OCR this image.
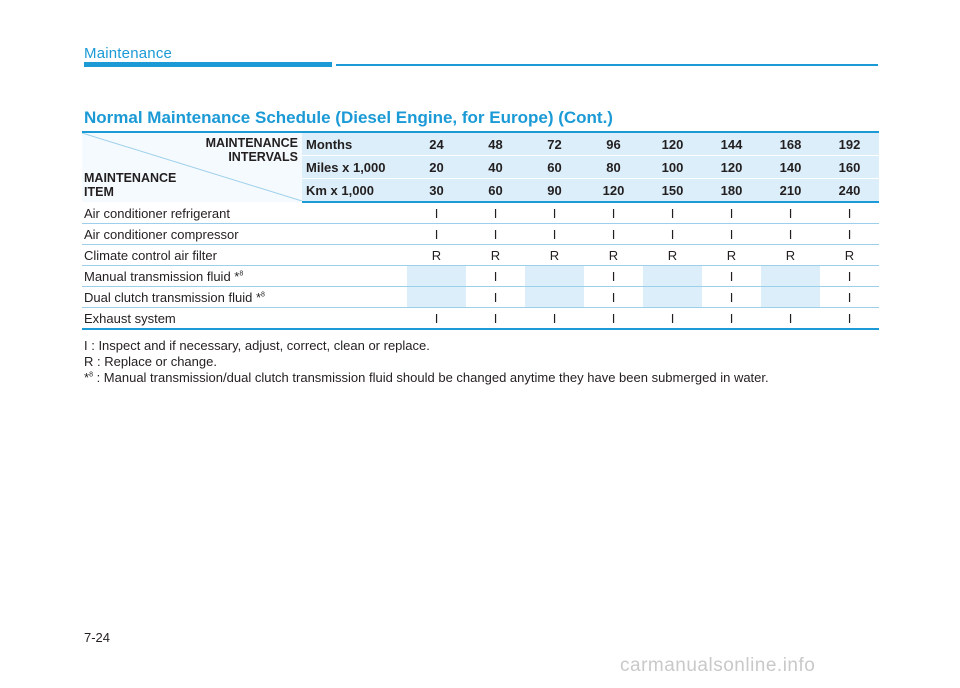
Maintenance
Normal Maintenance Schedule (Diesel Engine, for Europe) (Cont.)
MAINTENANCE INTERVALS
MAINTENANCE ITEM	Months	24	48	72	96	120	144	168	192
	Miles x 1,000	20	40	60	80	100	120	140	160
	Km x 1,000	30	60	90	120	150	180	210	240
Air conditioner refrigerant		I	I	I	I	I	I	I	I
Air conditioner compressor		I	I	I	I	I	I	I	I
Climate control air filter		R	R	R	R	R	R	R	R
Manual transmission fluid *$^8$			I		I		I		I
Dual clutch transmission fluid *$^8$			I		I		I		I
Exhaust system		I	I	I	I	I	I	I	I
I : Inspect and if necessary, adjust, correct, clean or replace.
R : Replace or change.
*$^8$ : Manual transmission/dual clutch transmission fluid should be changed anytime they have been submerged in water.
7-24
carmanualsonline.info
